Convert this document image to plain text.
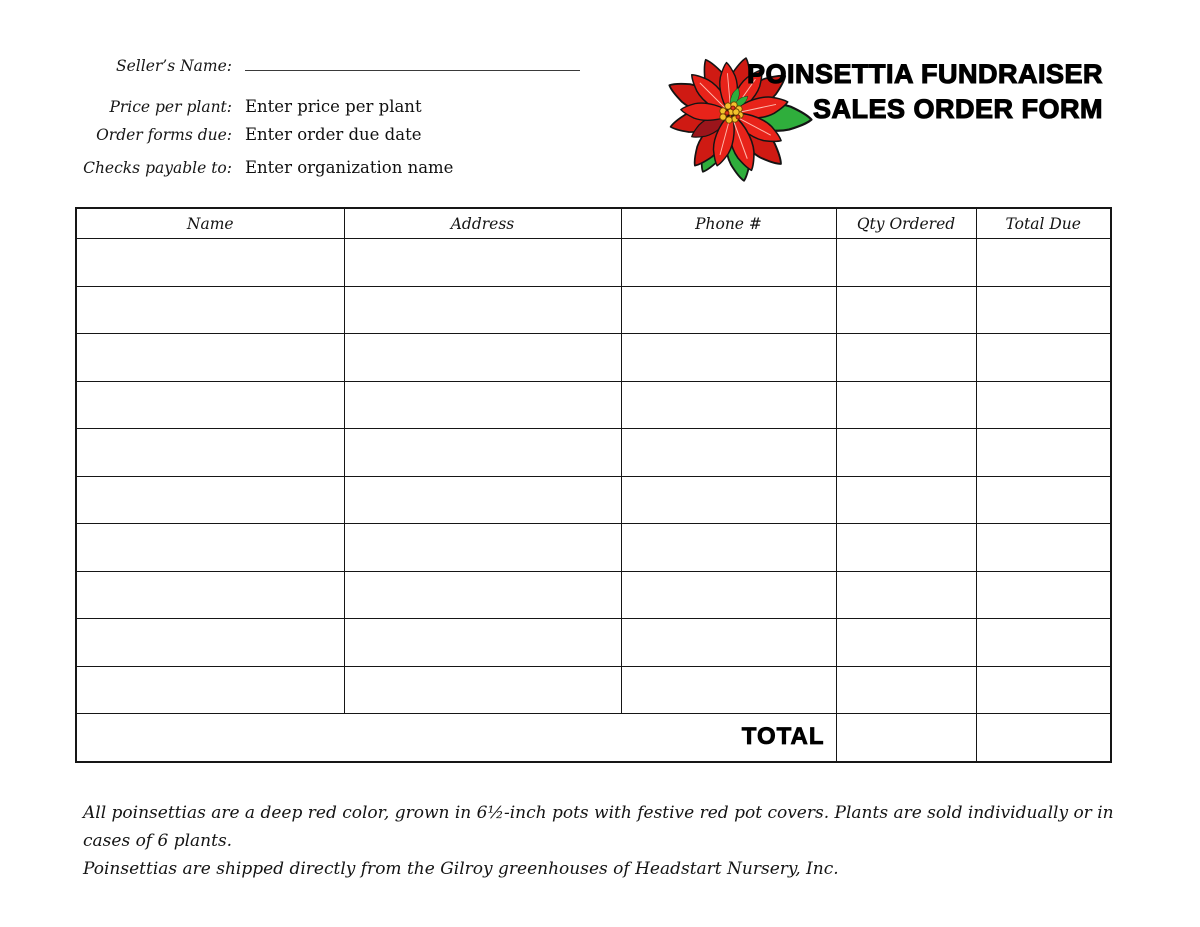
Seller’s Name:
Price per plant: Enter price per plant
Order forms due: Enter order due date
Checks payable to: Enter organization name
POINSETTIA FUNDRAISER
SALES ORDER FORM
Name	Address	Phone #	Qty Ordered	Total Due

TOTAL				
All poinsettias are a deep red color, grown in 6½-inch pots with festive red pot covers. Plants are sold individually or in cases of 6 plants.
Poinsettias are shipped directly from the Gilroy greenhouses of Headstart Nursery, Inc.
